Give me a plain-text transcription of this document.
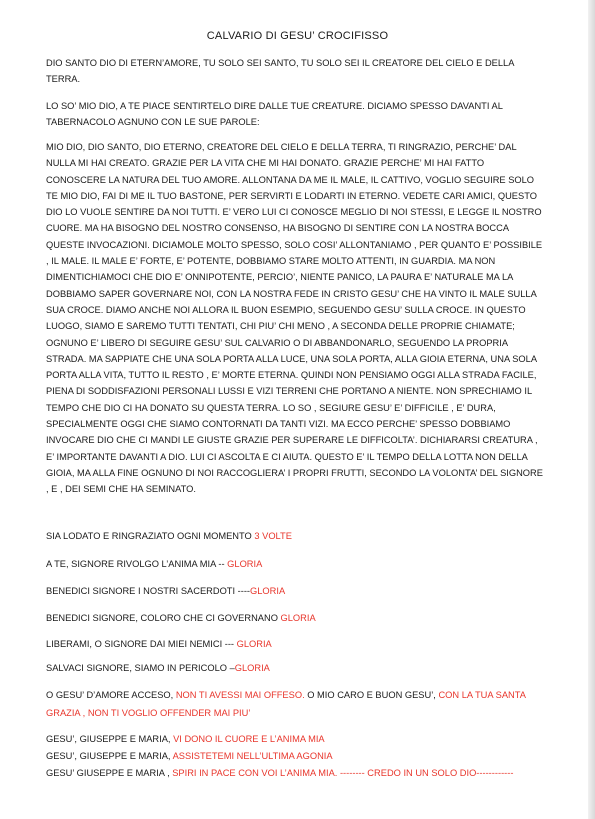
CALVARIO DI GESU’ CROCIFISSO
DIO SANTO DIO DI ETERN’AMORE, TU SOLO SEI SANTO, TU SOLO SEI IL CREATORE DEL CIELO E DELLA TERRA.
LO SO’ MIO DIO, A TE PIACE SENTIRTELO DIRE DALLE TUE CREATURE. DICIAMO SPESSO DAVANTI AL TABERNACOLO AGNUNO CON LE SUE PAROLE:
MIO DIO, DIO SANTO, DIO ETERNO, CREATORE DEL CIELO E DELLA TERRA, TI RINGRAZIO, PERCHE’ DAL NULLA MI HAI CREATO. GRAZIE PER LA VITA CHE MI HAI DONATO. GRAZIE PERCHE’ MI HAI FATTO CONOSCERE LA NATURA DEL TUO AMORE. ALLONTANA DA ME IL MALE, IL CATTIVO, VOGLIO SEGUIRE SOLO TE MIO DIO, FAI DI ME IL TUO BASTONE, PER SERVIRTI E LODARTI IN ETERNO. VEDETE CARI AMICI, QUESTO DIO LO VUOLE SENTIRE DA NOI TUTTI. E’ VERO LUI CI CONOSCE MEGLIO DI NOI STESSI, E LEGGE IL NOSTRO CUORE. MA HA BISOGNO DEL NOSTRO CONSENSO, HA BISOGNO DI SENTIRE CON LA NOSTRA BOCCA QUESTE INVOCAZIONI. DICIAMOLE MOLTO SPESSO, SOLO COSI’ ALLONTANIAMO , PER QUANTO E’ POSSIBILE , IL MALE. IL MALE E’ FORTE, E’ POTENTE, DOBBIAMO STARE MOLTO ATTENTI, IN GUARDIA. MA NON DIMENTICHIAMOCI CHE DIO E’ ONNIPOTENTE, PERCIO’, NIENTE PANICO, LA PAURA E’ NATURALE MA LA DOBBIAMO SAPER GOVERNARE NOI, CON LA NOSTRA FEDE IN CRISTO GESU’ CHE HA VINTO IL MALE SULLA SUA CROCE. DIAMO ANCHE NOI ALLORA IL BUON ESEMPIO, SEGUENDO GESU’ SULLA CROCE. IN QUESTO LUOGO, SIAMO E SAREMO TUTTI TENTATI, CHI PIU’ CHI MENO , A SECONDA DELLE PROPRIE CHIAMATE; OGNUNO E’ LIBERO DI SEGUIRE GESU’ SUL CALVARIO O DI ABBANDONARLO, SEGUENDO LA PROPRIA STRADA. MA SAPPIATE CHE UNA SOLA PORTA ALLA LUCE, UNA SOLA PORTA, ALLA GIOIA ETERNA, UNA SOLA PORTA ALLA VITA, TUTTO IL RESTO , E’ MORTE ETERNA. QUINDI NON PENSIAMO OGGI ALLA STRADA FACILE, PIENA DI SODDISFAZIONI PERSONALI LUSSI E VIZI TERRENI CHE PORTANO A NIENTE. NON SPRECHIAMO IL TEMPO CHE DIO CI HA DONATO SU QUESTA TERRA. LO SO , SEGIURE GESU’ E’ DIFFICILE , E’ DURA, SPECIALMENTE OGGI CHE SIAMO CONTORNATI DA TANTI VIZI. MA ECCO PERCHE’ SPESSO DOBBIAMO INVOCARE DIO CHE CI MANDI LE GIUSTE GRAZIE PER SUPERARE LE DIFFICOLTA’. DICHIARARSI CREATURA , E’ IMPORTANTE DAVANTI A DIO. LUI CI ASCOLTA E CI AIUTA. QUESTO E’ IL TEMPO DELLA LOTTA NON DELLA GIOIA, MA ALLA FINE OGNUNO DI NOI RACCOGLIERA’ I PROPRI FRUTTI, SECONDO LA VOLONTA’ DEL SIGNORE , E , DEI SEMI CHE HA SEMINATO.
SIA LODATO E RINGRAZIATO OGNI MOMENTO 3 VOLTE
A TE, SIGNORE RIVOLGO L’ANIMA MIA -- GLORIA
BENEDICI SIGNORE I NOSTRI SACERDOTI ----GLORIA
BENEDICI SIGNORE, COLORO CHE CI GOVERNANO GLORIA
LIBERAMI, O SIGNORE DAI MIEI NEMICI --- GLORIA
SALVACI SIGNORE, SIAMO IN PERICOLO –GLORIA
O GESU’ D’AMORE ACCESO, NON TI AVESSI MAI OFFESO. O MIO CARO E BUON GESU’, CON LA TUA SANTA
GRAZIA , NON TI VOGLIO OFFENDER MAI PIU’
GESU’, GIUSEPPE E MARIA, VI DONO IL CUORE E L’ANIMA MIA
GESU’, GIUSEPPE E MARIA, ASSISTETEMI NELL’ULTIMA AGONIA
GESU’ GIUSEPPE E MARIA , SPIRI IN PACE CON VOI L’ANIMA MIA. -------- CREDO IN UN SOLO DIO------------
